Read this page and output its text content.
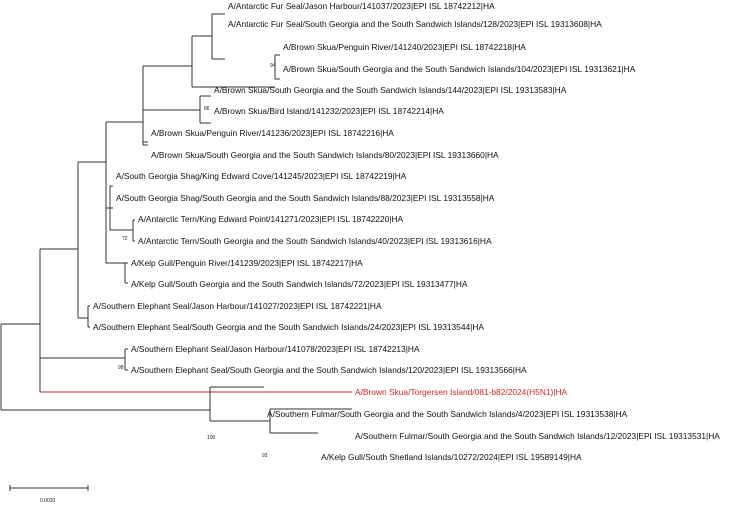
A/Antarctic Fur Seal/Jason Harbour/141037/2023|EPI ISL 18742212|HA
A/Antarctic Fur Seal/South Georgia and the South Sandwich Islands/128/2023|EPI ISL 19313608|HA
A/Brown Skua/Penguin River/141240/2023|EPI ISL 18742218|HA
A/Brown Skua/South Georgia and the South Sandwich Islands/104/2023|EPI ISL 19313621|HA
A/Brown Skua/South Georgia and the South Sandwich Islands/144/2023|EPI ISL 19313583|HA
A/Brown Skua/Bird Island/141232/2023|EPI ISL 18742214|HA
A/Brown Skua/Penguin River/141236/2023|EPI ISL 18742216|HA
A/Brown Skua/South Georgia and the South Sandwich Islands/80/2023|EPI ISL 19313660|HA
A/South Georgia Shag/King Edward Cove/141245/2023|EPI ISL 18742219|HA
A/South Georgia Shag/South Georgia and the South Sandwich Islands/88/2023|EPI ISL 19313558|HA
A/Antarctic Tern/King Edward Point/141271/2023|EPI ISL 18742220|HA
A/Antarctic Tern/South Georgia and the South Sandwich Islands/40/2023|EPI ISL 19313616|HA
A/Kelp Gull/Penguin River/141239/2023|EPI ISL 18742217|HA
A/Kelp Gull/South Georgia and the South Sandwich Islands/72/2023|EPI ISL 19313477|HA
A/Southern Elephant Seal/Jason Harbour/141027/2023|EPI ISL 18742221|HA
A/Southern Elephant Seal/South Georgia and the South Sandwich Islands/24/2023|EPI ISL 19313544|HA
A/Southern Elephant Seal/Jason Harbour/141078/2023|EPI ISL 18742213|HA
A/Southern Elephant Seal/South Georgia and the South Sandwich Islands/120/2023|EPI ISL 19313566|HA
A/Brown Skua/Torgersen Island/081-b82/2024(H5N1)|HA
A/Southern Fulmar/South Georgia and the South Sandwich Islands/4/2023|EPI ISL 19313538|HA
A/Southern Fulmar/South Georgia and the South Sandwich Islands/12/2023|EPI ISL 19313531|HA
A/Kelp Gull/South Shetland Islands/10272/2024|EPI ISL 19589149|HA
94
86
72
98
100
93
0.0020
